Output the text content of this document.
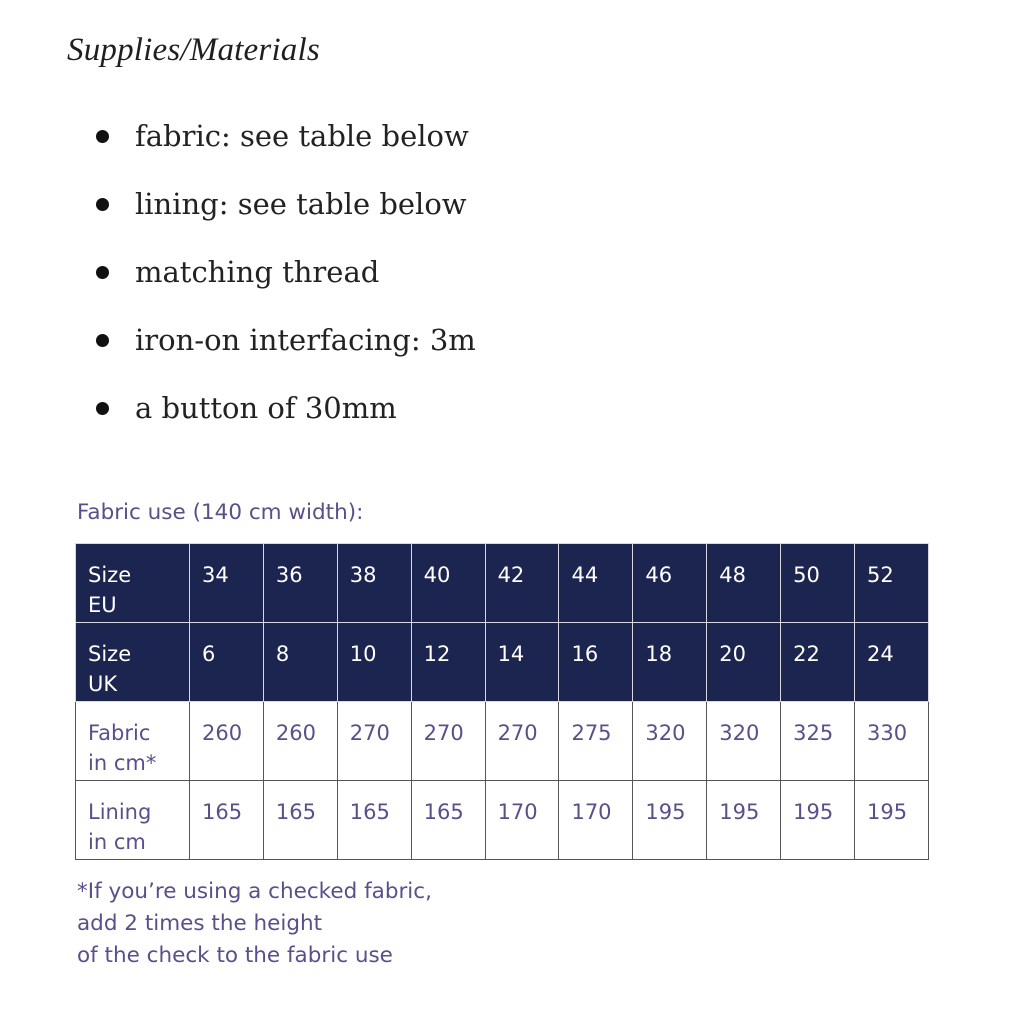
Supplies/Materials
fabric: see table below
lining: see table below
matching thread
iron-on interfacing: 3m
a button of 30mm
Fabric use (140 cm width):
Size
EU	34	36	38	40	42	44	46	48	50	52

Size
UK	6	8	10	12	14	16	18	20	22	24

Fabric
in cm*	260	260	270	270	270	275	320	320	325	330

Lining
in cm	165	165	165	165	170	170	195	195	195	195
*If you’re using a checked fabric,
add 2 times the height
of the check to the fabric use
